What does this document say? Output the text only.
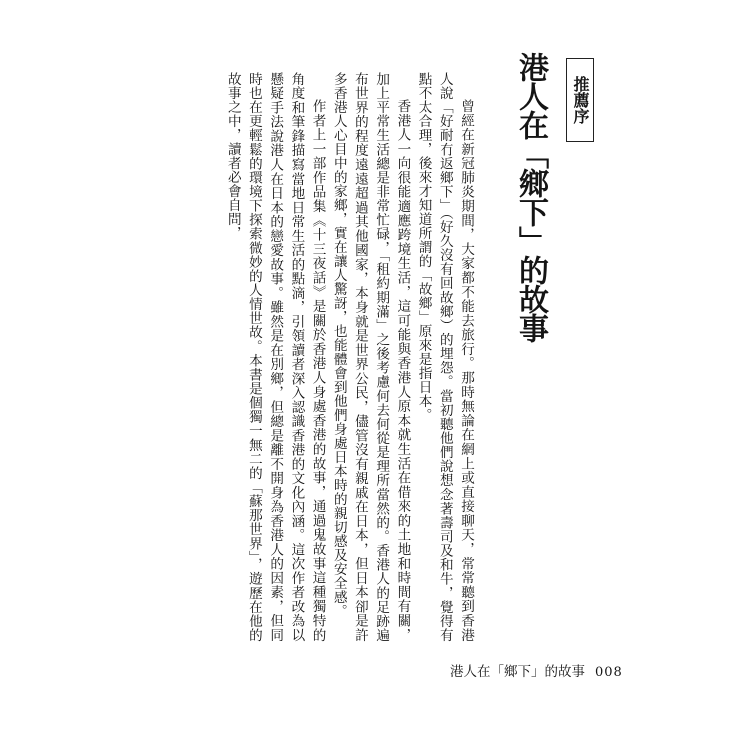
推薦序
港人在「鄉下」的故事

曾經在新冠肺炎期間，大家都不能去旅行。那時無論在網上或直接聊天，常常聽到香港人說「好耐冇返鄉下」（好久沒有回故鄉）的埋怨。當初聽他們說想念著壽司及和牛，覺得有點不太合理，後來才知道所謂的「故鄉」原來是指日本。

香港人一向很能適應跨境生活，這可能與香港人原本就生活在借來的土地和時間有關，加上平常生活總是非常忙碌，「租約期滿」之後考慮何去何從是理所當然的。香港人的足跡遍布世界的程度遠遠超過其他國家，本身就是世界公民，儘管沒有親戚在日本，但日本卻是許多香港人心目中的家鄉，實在讓人驚訝，也能體會到他們身處日本時的親切感及安全感。

作者上一部作品集《十三夜話》是關於香港人身處香港的故事，通過鬼故事這種獨特的角度和筆鋒描寫當地日常生活的點滴，引領讀者深入認識香港的文化內涵。這次作者改為以懸疑手法說港人在日本的戀愛故事。雖然是在別鄉，但總是離不開身為香港人的因素，但同時也在更輕鬆的環境下探索微妙的人情世故。本書是個獨一無二的「蘇那世界」，遊歷在他的故事之中，讀者必會自問，

港人在「鄉下」的故事 008
